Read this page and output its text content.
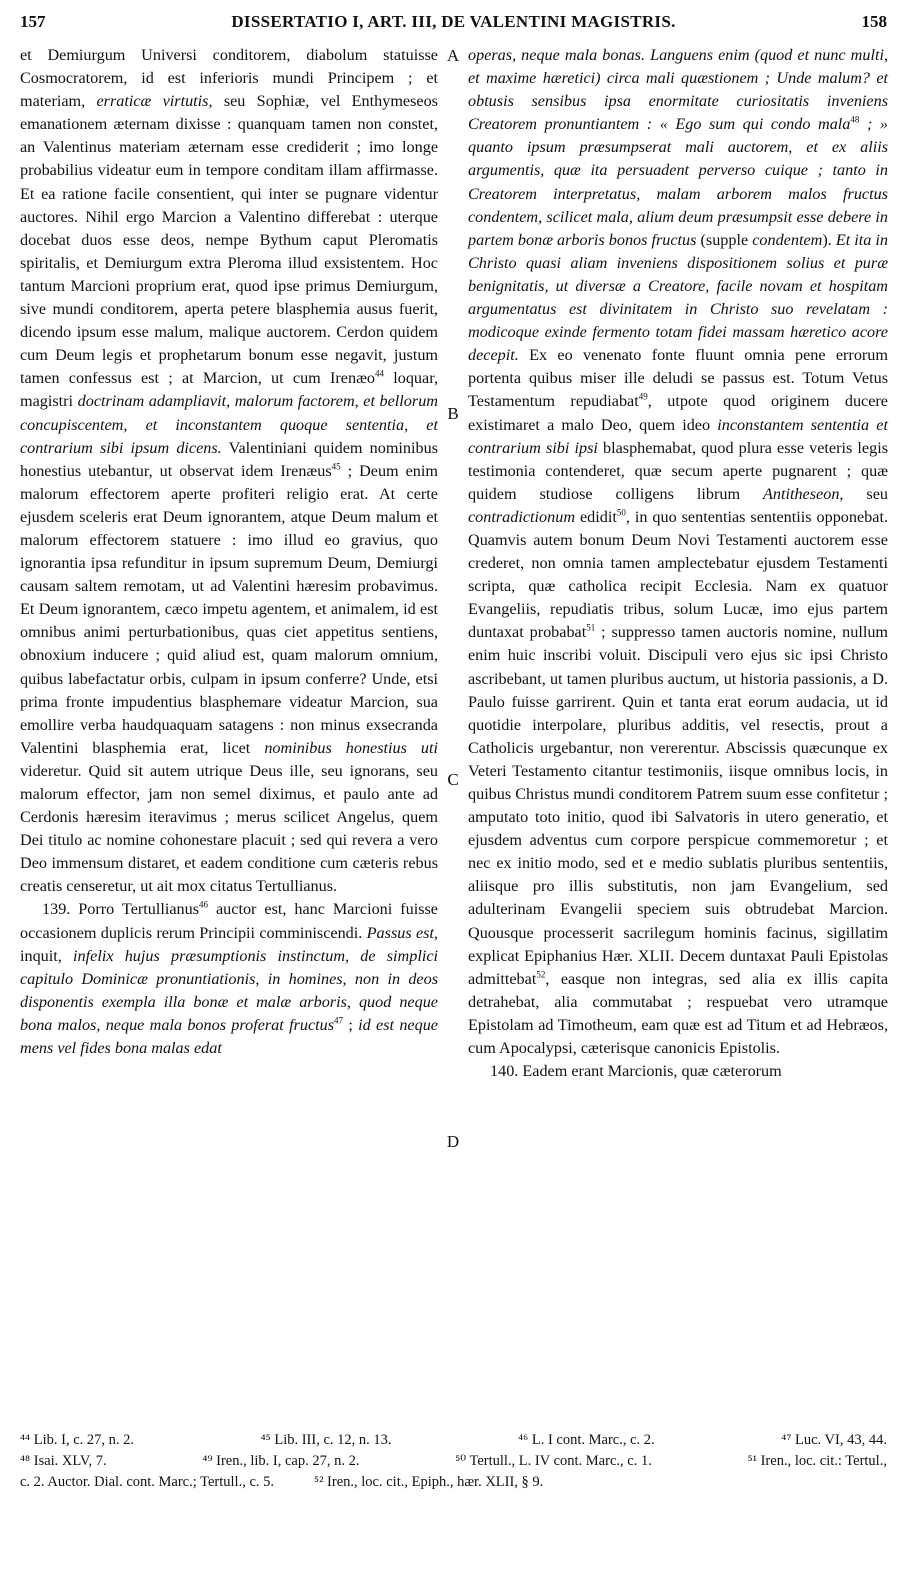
157	DISSERTATIO I, ART. III, DE VALENTINI MAGISTRIS.	158

et Demiurgum Universi conditorem, diabolum statuisse Cosmocratorem, id est inferioris mundi Principem ; et materiam, erraticæ virtutis, seu Sophiæ, vel Enthymeseos emanationem æternam dixisse : quanquam tamen non constet, an Valentinus materiam æternam esse crediderit ; imo longe probabilius videatur eum in tempore conditam illam affirmasse. Et ea ratione facile consentient, qui inter se pugnare videntur auctores. Nihil ergo Marcion a Valentino differebat : uterque docebat duos esse deos, nempe Bythum caput Pleromatis spiritalis, et Demiurgum extra Pleroma illud exsistentem. Hoc tantum Marcioni proprium erat, quod ipse primus Demiurgum, sive mundi conditorem, aperta petere blasphemia ausus fuerit, dicendo ipsum esse malum, malique auctorem. Cerdon quidem cum Deum legis et prophetarum bonum esse negavit, justum tamen confessus est ; at Marcion, ut cum Irenæo$^{44}$ loquar, magistri doctrinam adampliavit, malorum factorem, et bellorum concupiscentem, et inconstantem quoque sententia, et contrarium sibi ipsum dicens. Valentiniani quidem nominibus honestius utebantur, ut observat idem Irenæus$^{45}$ ; Deum enim malorum effectorem aperte profiteri religio erat. At certe ejusdem sceleris erat Deum ignorantem, atque Deum malum et malorum effectorem statuere : imo illud eo gravius, quo ignorantia ipsa refunditur in ipsum supremum Deum, Demiurgi causam saltem remotam, ut ad Valentini hæresim probavimus. Et Deum ignorantem, cæco impetu agentem, et animalem, id est omnibus animi perturbationibus, quas ciet appetitus sentiens, obnoxium inducere ; quid aliud est, quam malorum omnium, quibus labefactatur orbis, culpam in ipsum conferre? Unde, etsi prima fronte impudentius blasphemare videatur Marcion, sua emollire verba haudquaquam satagens : non minus exsecranda Valentini blasphemia erat, licet nominibus honestius uti videretur. Quid sit autem utrique Deus ille, seu ignorans, seu malorum effector, jam non semel diximus, et paulo ante ad Cerdonis hæresim iteravimus ; merus scilicet Angelus, quem Dei titulo ac nomine cohonestare placuit ; sed qui revera a vero Deo immensum distaret, et eadem conditione cum cæteris rebus creatis censeretur, ut ait mox citatus Tertullianus.

139. Porro Tertullianus$^{46}$ auctor est, hanc Marcioni fuisse occasionem duplicis rerum Principii comminiscendi. Passus est, inquit, infelix hujus præsumptionis instinctum, de simplici capitulo Dominicæ pronuntiationis, in homines, non in deos disponentis exempla illa bonæ et malæ arboris, quod neque bona malos, neque mala bonos proferat fructus$^{47}$ ; id est neque mens vel fides bona malas edat

A
B
C
D

operas, neque mala bonas. Languens enim (quod et nunc multi, et maxime hæretici) circa mali quæstionem ; Unde malum? et obtusis sensibus ipsa enormitate curiositatis inveniens Creatorem pronuntiantem : « Ego sum qui condo mala$^{48}$ ; » quanto ipsum præsumpserat mali auctorem, et ex aliis argumentis, quæ ita persuadent perverso cuique ; tanto in Creatorem interpretatus, malam arborem malos fructus condentem, scilicet mala, alium deum præsumpsit esse debere in partem bonæ arboris bonos fructus (supple condentem). Et ita in Christo quasi aliam inveniens dispositionem solius et puræ benignitatis, ut diversæ a Creatore, facile novam et hospitam argumentatus est divinitatem in Christo suo revelatam : modicoque exinde fermento totam fidei massam hæretico acore decepit. Ex eo venenato fonte fluunt omnia pene errorum portenta quibus miser ille deludi se passus est. Totum Vetus Testamentum repudiabat$^{49}$, utpote quod originem ducere existimaret a malo Deo, quem ideo inconstantem sententia et contrarium sibi ipsi blasphemabat, quod plura esse veteris legis testimonia contenderet, quæ secum aperte pugnarent ; quæ quidem studiose colligens librum Antitheseon, seu contradictionum edidit$^{50}$, in quo sententias sententiis opponebat. Quamvis autem bonum Deum Novi Testamenti auctorem esse crederet, non omnia tamen amplectebatur ejusdem Testamenti scripta, quæ catholica recipit Ecclesia. Nam ex quatuor Evangeliis, repudiatis tribus, solum Lucæ, imo ejus partem duntaxat probabat$^{51}$ ; suppresso tamen auctoris nomine, nullum enim huic inscribi voluit. Discipuli vero ejus sic ipsi Christo ascribebant, ut tamen pluribus auctum, ut historia passionis, a D. Paulo fuisse garrirent. Quin et tanta erat eorum audacia, ut id quotidie interpolare, pluribus additis, vel resectis, prout a Catholicis urgebantur, non vererentur. Abscissis quæcunque ex Veteri Testamento citantur testimoniis, iisque omnibus locis, in quibus Christus mundi conditorem Patrem suum esse confitetur ; amputato toto initio, quod ibi Salvatoris in utero generatio, et ejusdem adventus cum corpore perspicue commemoretur ; et nec ex initio modo, sed et e medio sublatis pluribus sententiis, aliisque pro illis substitutis, non jam Evangelium, sed adulterinam Evangelii speciem suis obtrudebat Marcion. Quousque processerit sacrilegum hominis facinus, sigillatim explicat Epiphanius Hær. XLII. Decem duntaxat Pauli Epistolas admittebat$^{52}$, easque non integras, sed alia ex illis capita detrahebat, alia commutabat ; respuebat vero utramque Epistolam ad Timotheum, eam quæ est ad Titum et ad Hebræos, cum Apocalypsi, cæterisque canonicis Epistolis.

140. Eadem erant Marcionis, quæ cæterorum

⁴⁴ Lib. I, c. 27, n. 2.	⁴⁵ Lib. III, c. 12, n. 13.	⁴⁶ L. I cont. Marc., c. 2.	⁴⁷ Luc. VI, 43, 44.
⁴⁸ Isai. XLV, 7.	⁴⁹ Iren., lib. I, cap. 27, n. 2.	⁵⁰ Tertull., L. IV cont. Marc., c. 1.	⁵¹ Iren., loc. cit.: Tertul.,
c. 2. Auctor. Dial. cont. Marc.; Tertull., c. 5.	⁵² Iren., loc. cit., Epiph., hær. XLII, § 9.
